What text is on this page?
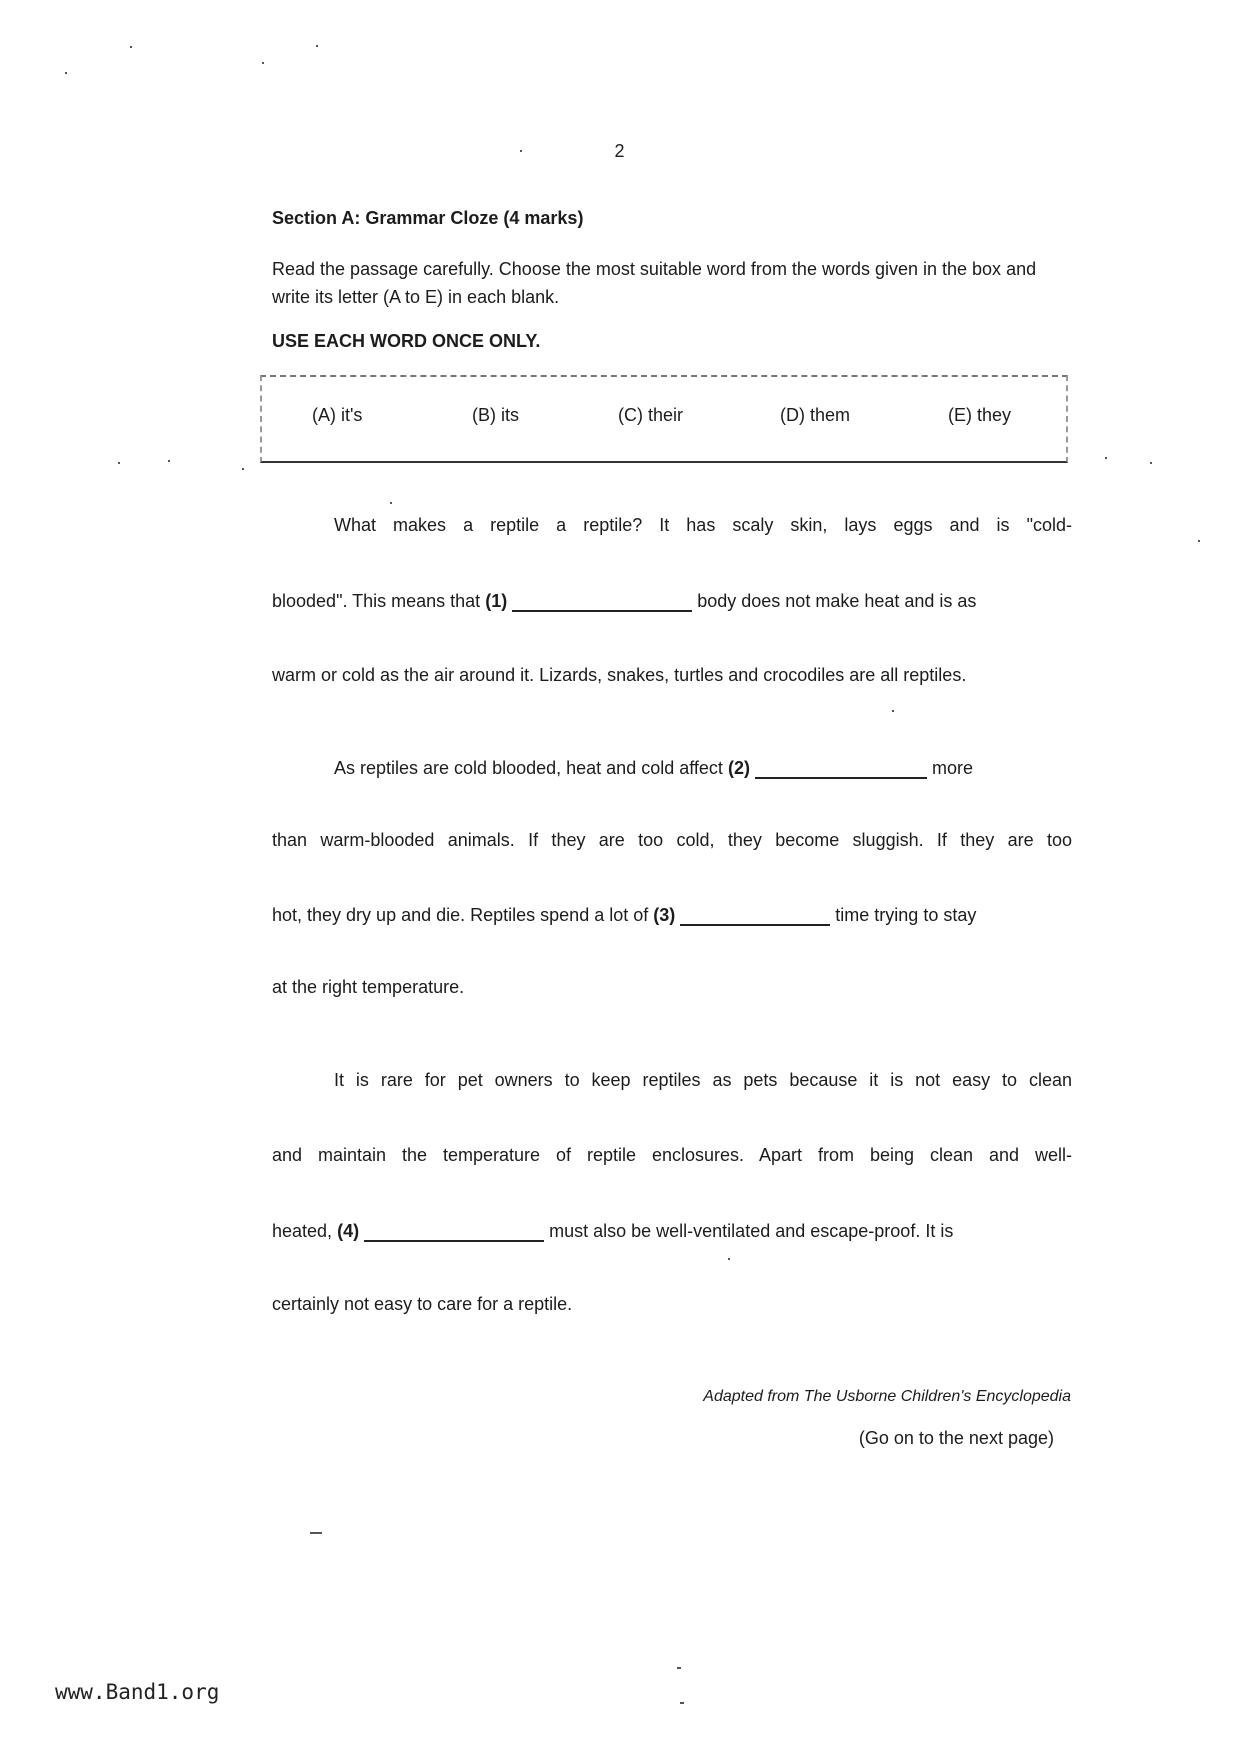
2
Section A: Grammar Cloze (4 marks)
Read the passage carefully. Choose the most suitable word from the words given in the box and write its letter (A to E) in each blank.
USE EACH WORD ONCE ONLY.
(A) it's	(B) its	(C) their	(D) them	(E) they
What makes a reptile a reptile? It has scaly skin, lays eggs and is "cold-
blooded". This means that (1)	body does not make heat and is as
warm or cold as the air around it. Lizards, snakes, turtles and crocodiles are all reptiles.
As reptiles are cold blooded, heat and cold affect (2)	more
than warm-blooded animals. If they are too cold, they become sluggish. If they are too
hot, they dry up and die. Reptiles spend a lot of (3)	time trying to stay
at the right temperature.
It is rare for pet owners to keep reptiles as pets because it is not easy to clean
and maintain the temperature of reptile enclosures. Apart from being clean and well-
heated, (4)	must also be well-ventilated and escape-proof. It is
certainly not easy to care for a reptile.
Adapted from The Usborne Children's Encyclopedia
(Go on to the next page)
www.Band1.org
